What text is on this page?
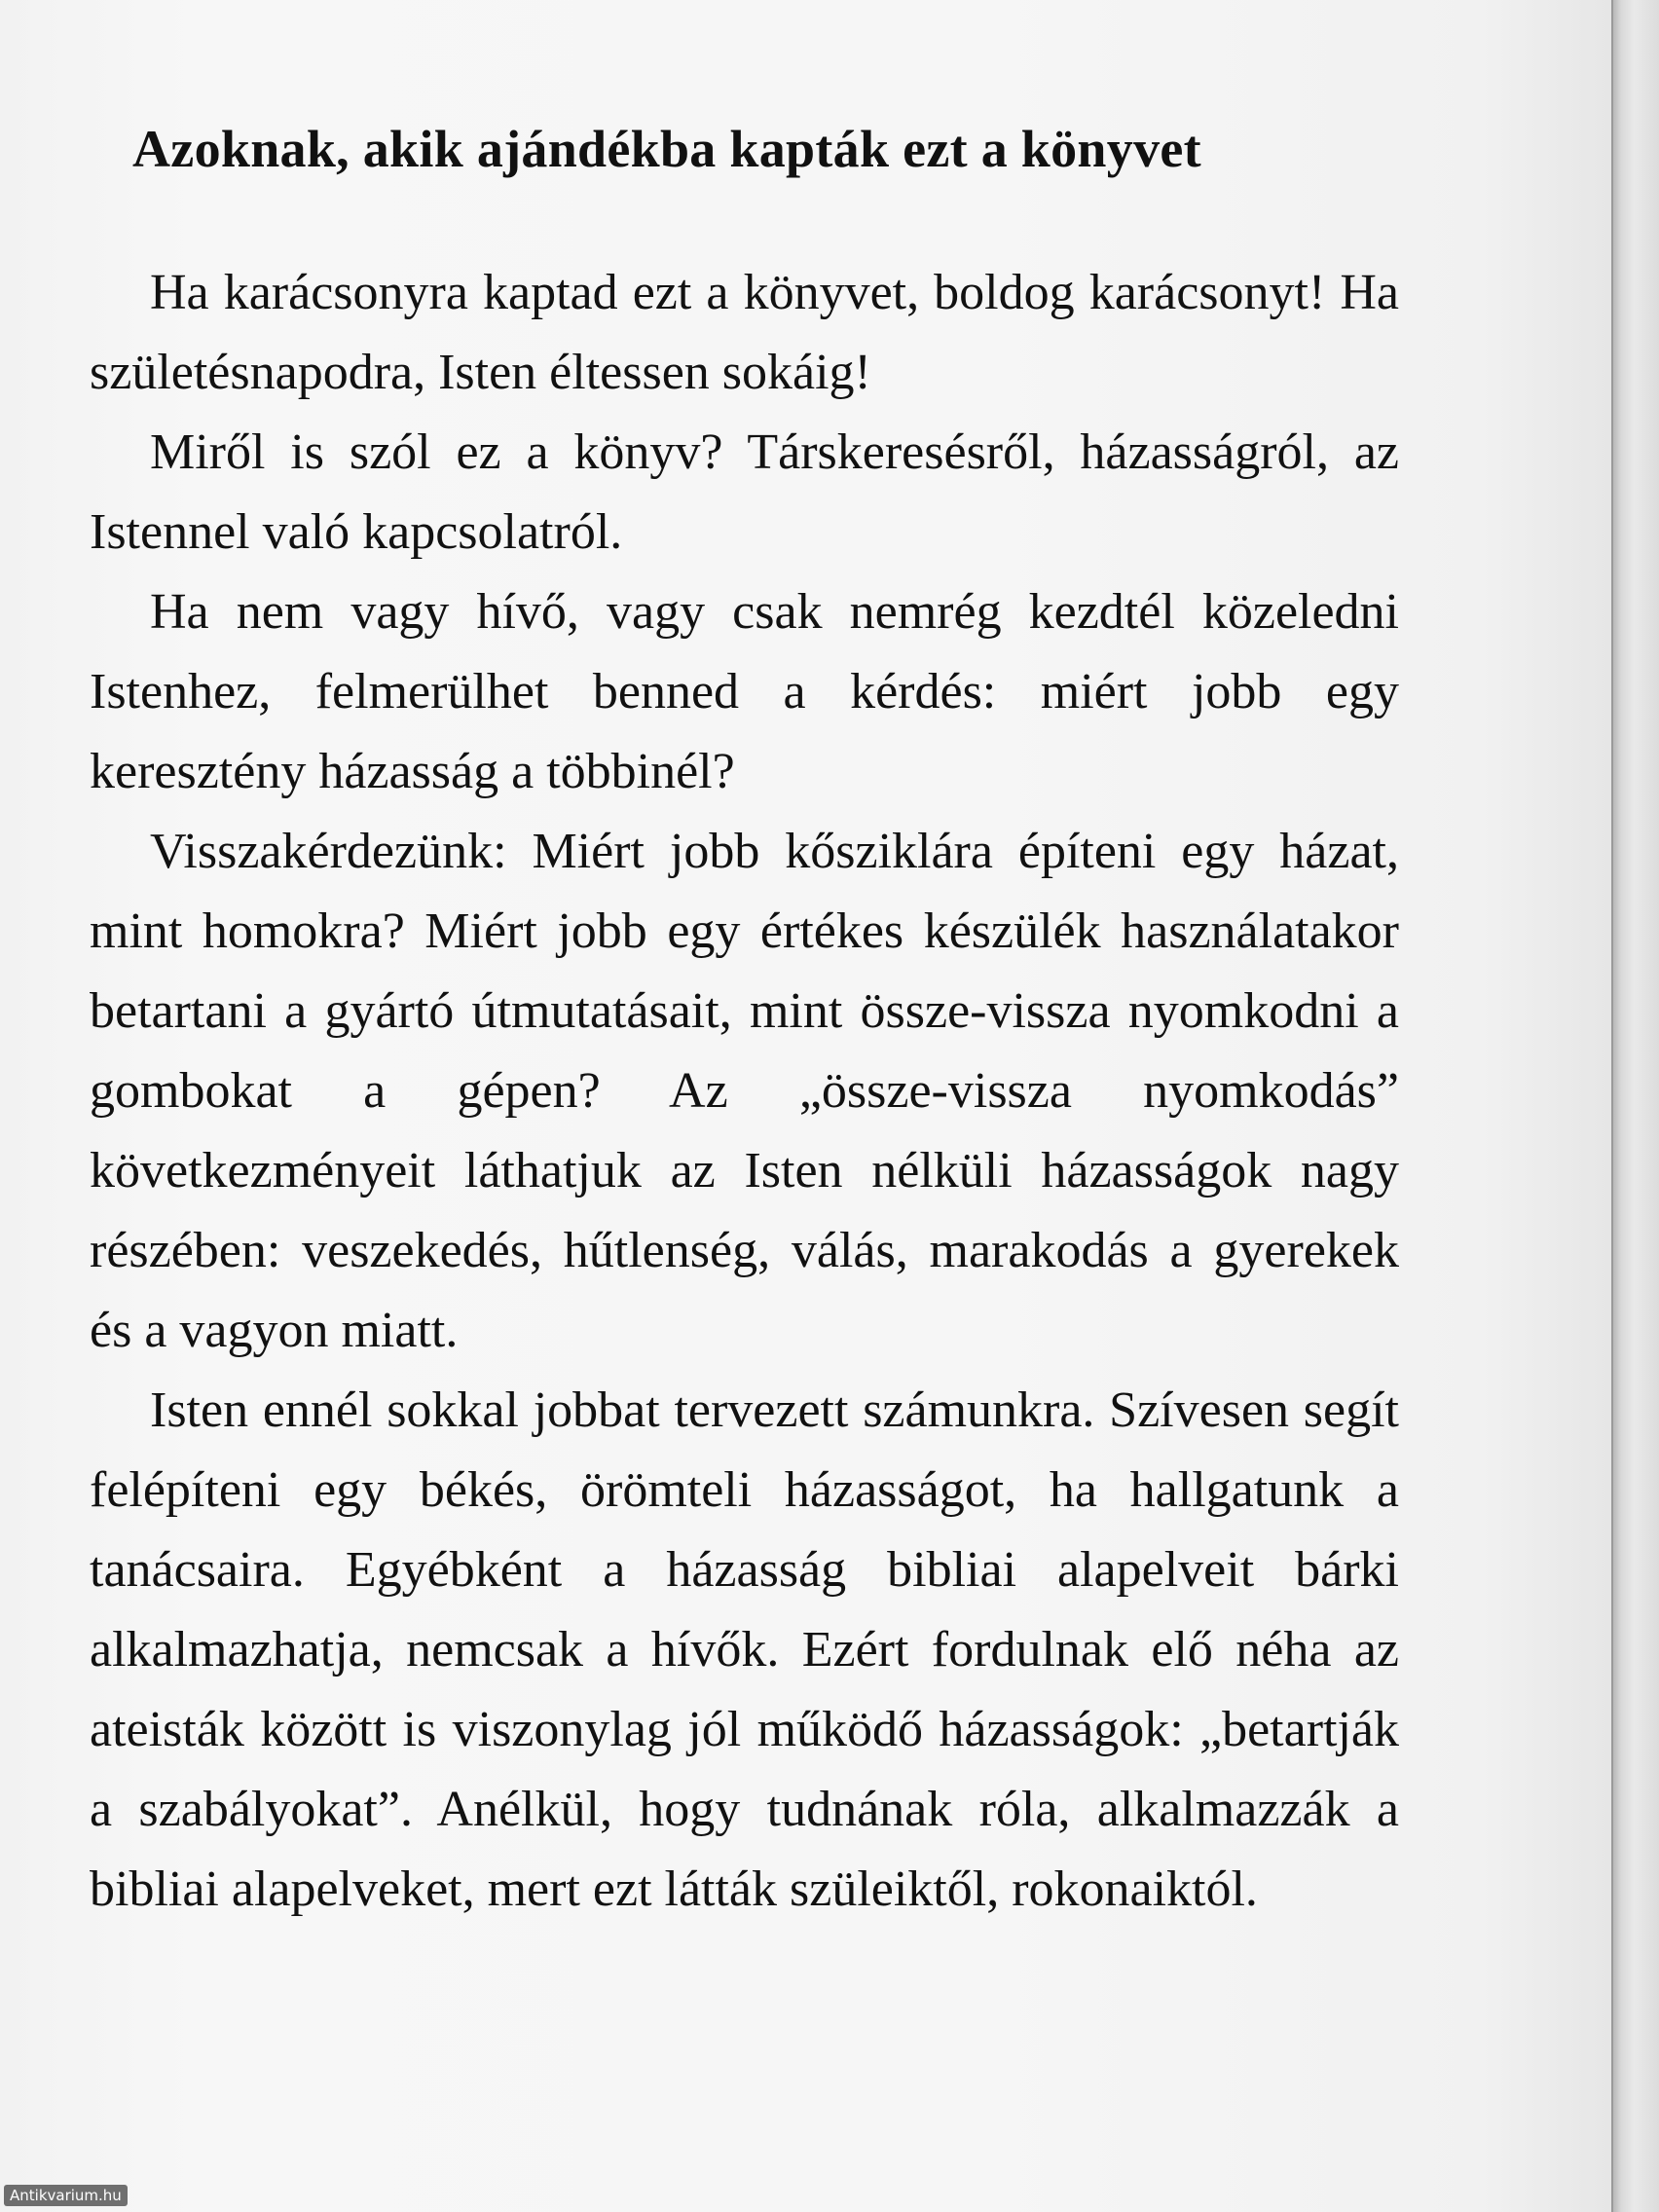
Azoknak, akik ajándékba kapták ezt a könyvet

Ha karácsonyra kaptad ezt a könyvet, boldog karácsonyt! Ha születésnapodra, Isten éltessen sokáig!

Miről is szól ez a könyv? Társkeresésről, házasságról, az Istennel való kapcsolatról.

Ha nem vagy hívő, vagy csak nemrég kezdtél közeledni Istenhez, felmerülhet benned a kérdés: miért jobb egy keresztény házasság a többinél?

Visszakérdezünk: Miért jobb kősziklára építeni egy házat, mint homokra? Miért jobb egy értékes készülék használatakor betartani a gyártó útmutatásait, mint össze-vissza nyomkodni a gombokat a gépen? Az „össze-vissza nyomkodás” következményeit láthatjuk az Isten nélküli házasságok nagy részében: veszekedés, hűtlenség, válás, marakodás a gyerekek és a vagyon miatt.

Isten ennél sokkal jobbat tervezett számunkra. Szívesen segít felépíteni egy békés, örömteli házasságot, ha hallgatunk a tanácsaira. Egyébként a házasság bibliai alapelveit bárki alkalmazhatja, nemcsak a hívők. Ezért fordulnak elő néha az ateisták között is viszonylag jól működő házasságok: „betartják a szabályokat”. Anélkül, hogy tudnának róla, alkalmazzák a bibliai alapelveket, mert ezt látták szüleiktől, rokonaiktól.

Antikvarium.hu
